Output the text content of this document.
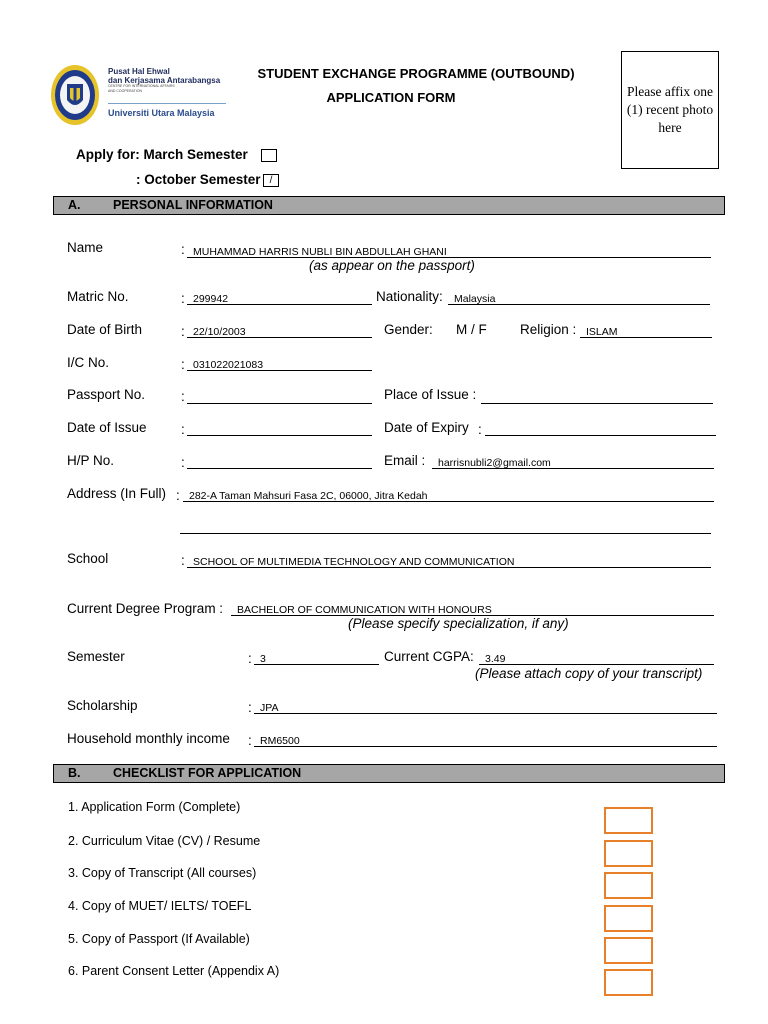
Pusat Hal Ehwal
dan Kerjasama Antarabangsa
CENTRE FOR INTERNATIONAL AFFAIRS
AND COOPERATION
Universiti Utara Malaysia
STUDENT EXCHANGE PROGRAMME (OUTBOUND)
APPLICATION FORM	Please affix one (1) recent photo here
Apply for: March Semester
: October Semester /
A.	PERSONAL INFORMATION
Name	: MUHAMMAD HARRIS NUBLI BIN ABDULLAH GHANI
(as appear on the passport)
Matric No.	: 299942	Nationality:	Malaysia
Date of Birth	: 22/10/2003	Gender: M / F Religion : ISLAM
I/C No.	: 031022021083
Passport No.	:	Place of Issue :
Date of Issue	:	Date of Expiry :
H/P No.	:	Email :	harrisnubli2@gmail.com
Address (In Full) : 282-A Taman Mahsuri Fasa 2C, 06000, Jitra Kedah
School	: SCHOOL OF MULTIMEDIA TECHNOLOGY AND COMMUNICATION
Current Degree Program :	BACHELOR OF COMMUNICATION WITH HONOURS
(Please specify specialization, if any)
Semester	: 3	Current CGPA:	3.49
(Please attach copy of your transcript)
Scholarship	: JPA
Household monthly income : RM6500
B.	CHECKLIST FOR APPLICATION
1. Application Form (Complete)
2. Curriculum Vitae (CV) / Resume
3. Copy of Transcript (All courses)
4. Copy of MUET/ IELTS/ TOEFL
5. Copy of Passport (If Available)
6. Parent Consent Letter (Appendix A)
